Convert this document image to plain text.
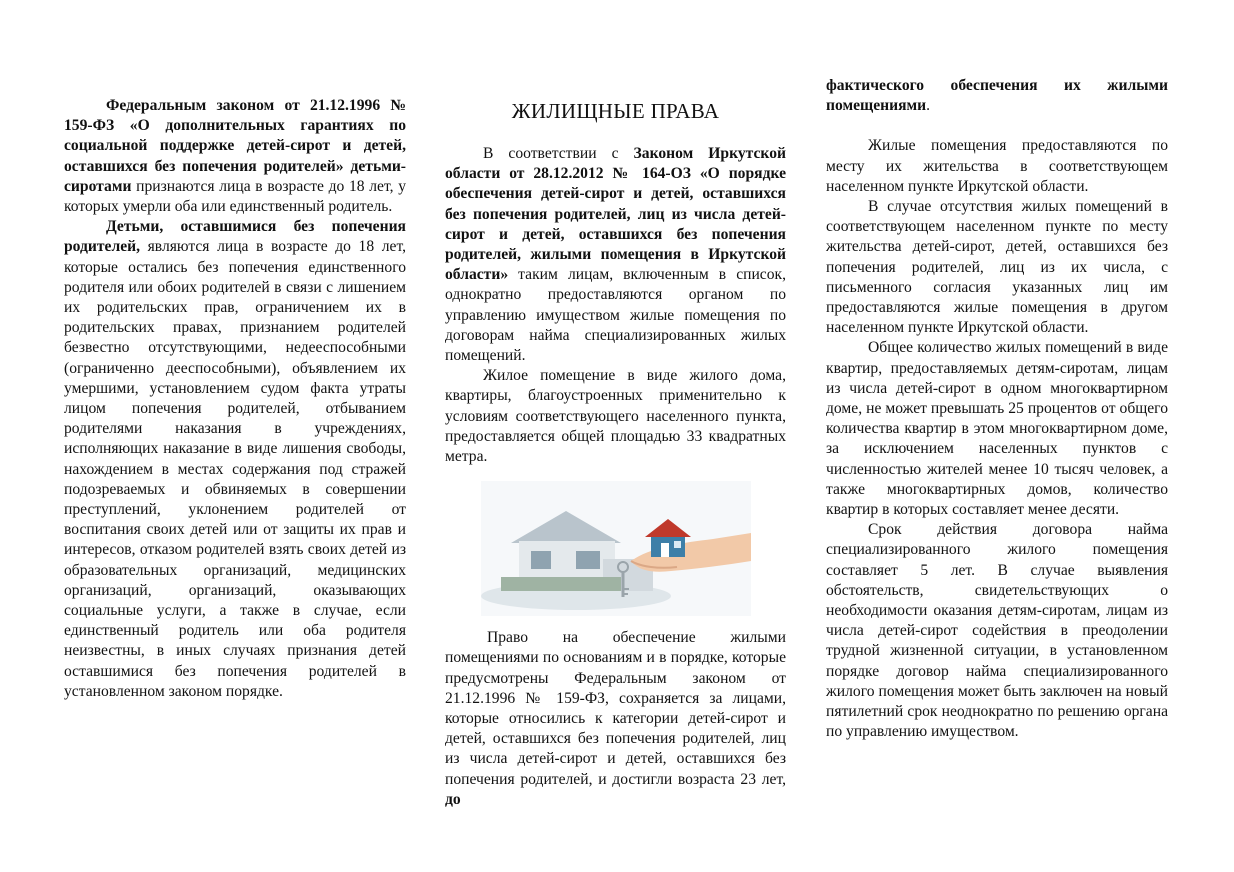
Федеральным законом от 21.12.1996 № 159-ФЗ «О дополнительных гарантиях по социальной поддержке детей-сирот и детей, оставшихся без попечения родителей» детьми-сиротами признаются лица в возрасте до 18 лет, у которых умерли оба или единственный родитель.

Детьми, оставшимися без попечения родителей, являются лица в возрасте до 18 лет, которые остались без попечения единственного родителя или обоих родителей в связи с лишением их родительских прав, ограничением их в родительских правах, признанием родителей безвестно отсутствующими, недееспособными (ограниченно дееспособными), объявлением их умершими, установлением судом факта утраты лицом попечения родителей, отбыванием родителями наказания в учреждениях, исполняющих наказание в виде лишения свободы, нахождением в местах содержания под стражей подозреваемых и обвиняемых в совершении преступлений, уклонением родителей от воспитания своих детей или от защиты их прав и интересов, отказом родителей взять своих детей из образовательных организаций, медицинских организаций, организаций, оказывающих социальные услуги, а также в случае, если единственный родитель или оба родителя неизвестны, в иных случаях признания детей оставшимися без попечения родителей в установленном законом порядке.

ЖИЛИЩНЫЕ ПРАВА

В соответствии с Законом Иркутской области от 28.12.2012 № 164-ОЗ «О порядке обеспечения детей-сирот и детей, оставшихся без попечения родителей, лиц из числа детей-сирот и детей, оставшихся без попечения родителей, жилыми помещения в Иркутской области» таким лицам, включенным в список, однократно предоставляются органом по управлению имуществом жилые помещения по договорам найма специализированных жилых помещений.

Жилое помещение в виде жилого дома, квартиры, благоустроенных применительно к условиям соответствующего населенного пункта, предоставляется общей площадью 33 квадратных метра.

Право на обеспечение жилыми помещениями по основаниям и в порядке, которые предусмотрены Федеральным законом от 21.12.1996 № 159-ФЗ, сохраняется за лицами, которые относились к категории детей-сирот и детей, оставшихся без попечения родителей, лиц из числа детей-сирот и детей, оставшихся без попечения родителей, и достигли возраста 23 лет, до

фактического обеспечения их жилыми помещениями.

Жилые помещения предоставляются по месту их жительства в соответствующем населенном пункте Иркутской области.

В случае отсутствия жилых помещений в соответствующем населенном пункте по месту жительства детей-сирот, детей, оставшихся без попечения родителей, лиц из их числа, с письменного согласия указанных лиц им предоставляются жилые помещения в другом населенном пункте Иркутской области.

Общее количество жилых помещений в виде квартир, предоставляемых детям-сиротам, лицам из числа детей-сирот в одном многоквартирном доме, не может превышать 25 процентов от общего количества квартир в этом многоквартирном доме, за исключением населенных пунктов с численностью жителей менее 10 тысяч человек, а также многоквартирных домов, количество квартир в которых составляет менее десяти.

Срок действия договора найма специализированного жилого помещения составляет 5 лет. В случае выявления обстоятельств, свидетельствующих о необходимости оказания детям-сиротам, лицам из числа детей-сирот содействия в преодолении трудной жизненной ситуации, в установленном порядке договор найма специализированного жилого помещения может быть заключен на новый пятилетний срок неоднократно по решению органа по управлению имуществом.
